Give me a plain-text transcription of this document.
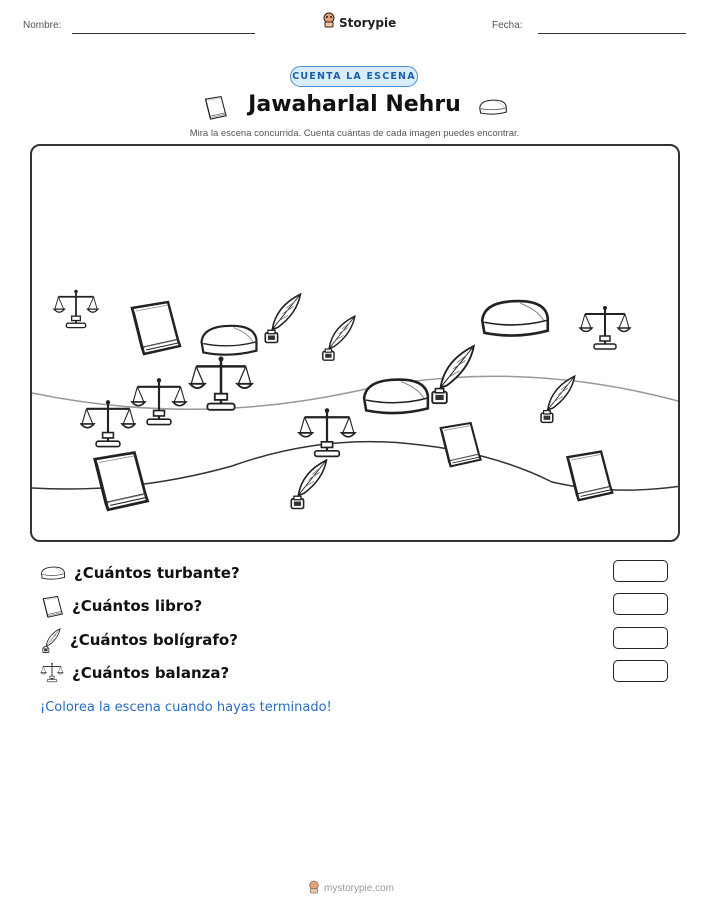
Nombre:	Storypie	Fecha:
CUENTA LA ESCENA
Jawaharlal Nehru
Mira la escena concurrida. Cuenta cuántas de cada imagen puedes encontrar.
¿Cuántos turbante?
¿Cuántos libro?
¿Cuántos bolígrafo?
¿Cuántos balanza?
¡Colorea la escena cuando hayas terminado!
mystorypie.com
